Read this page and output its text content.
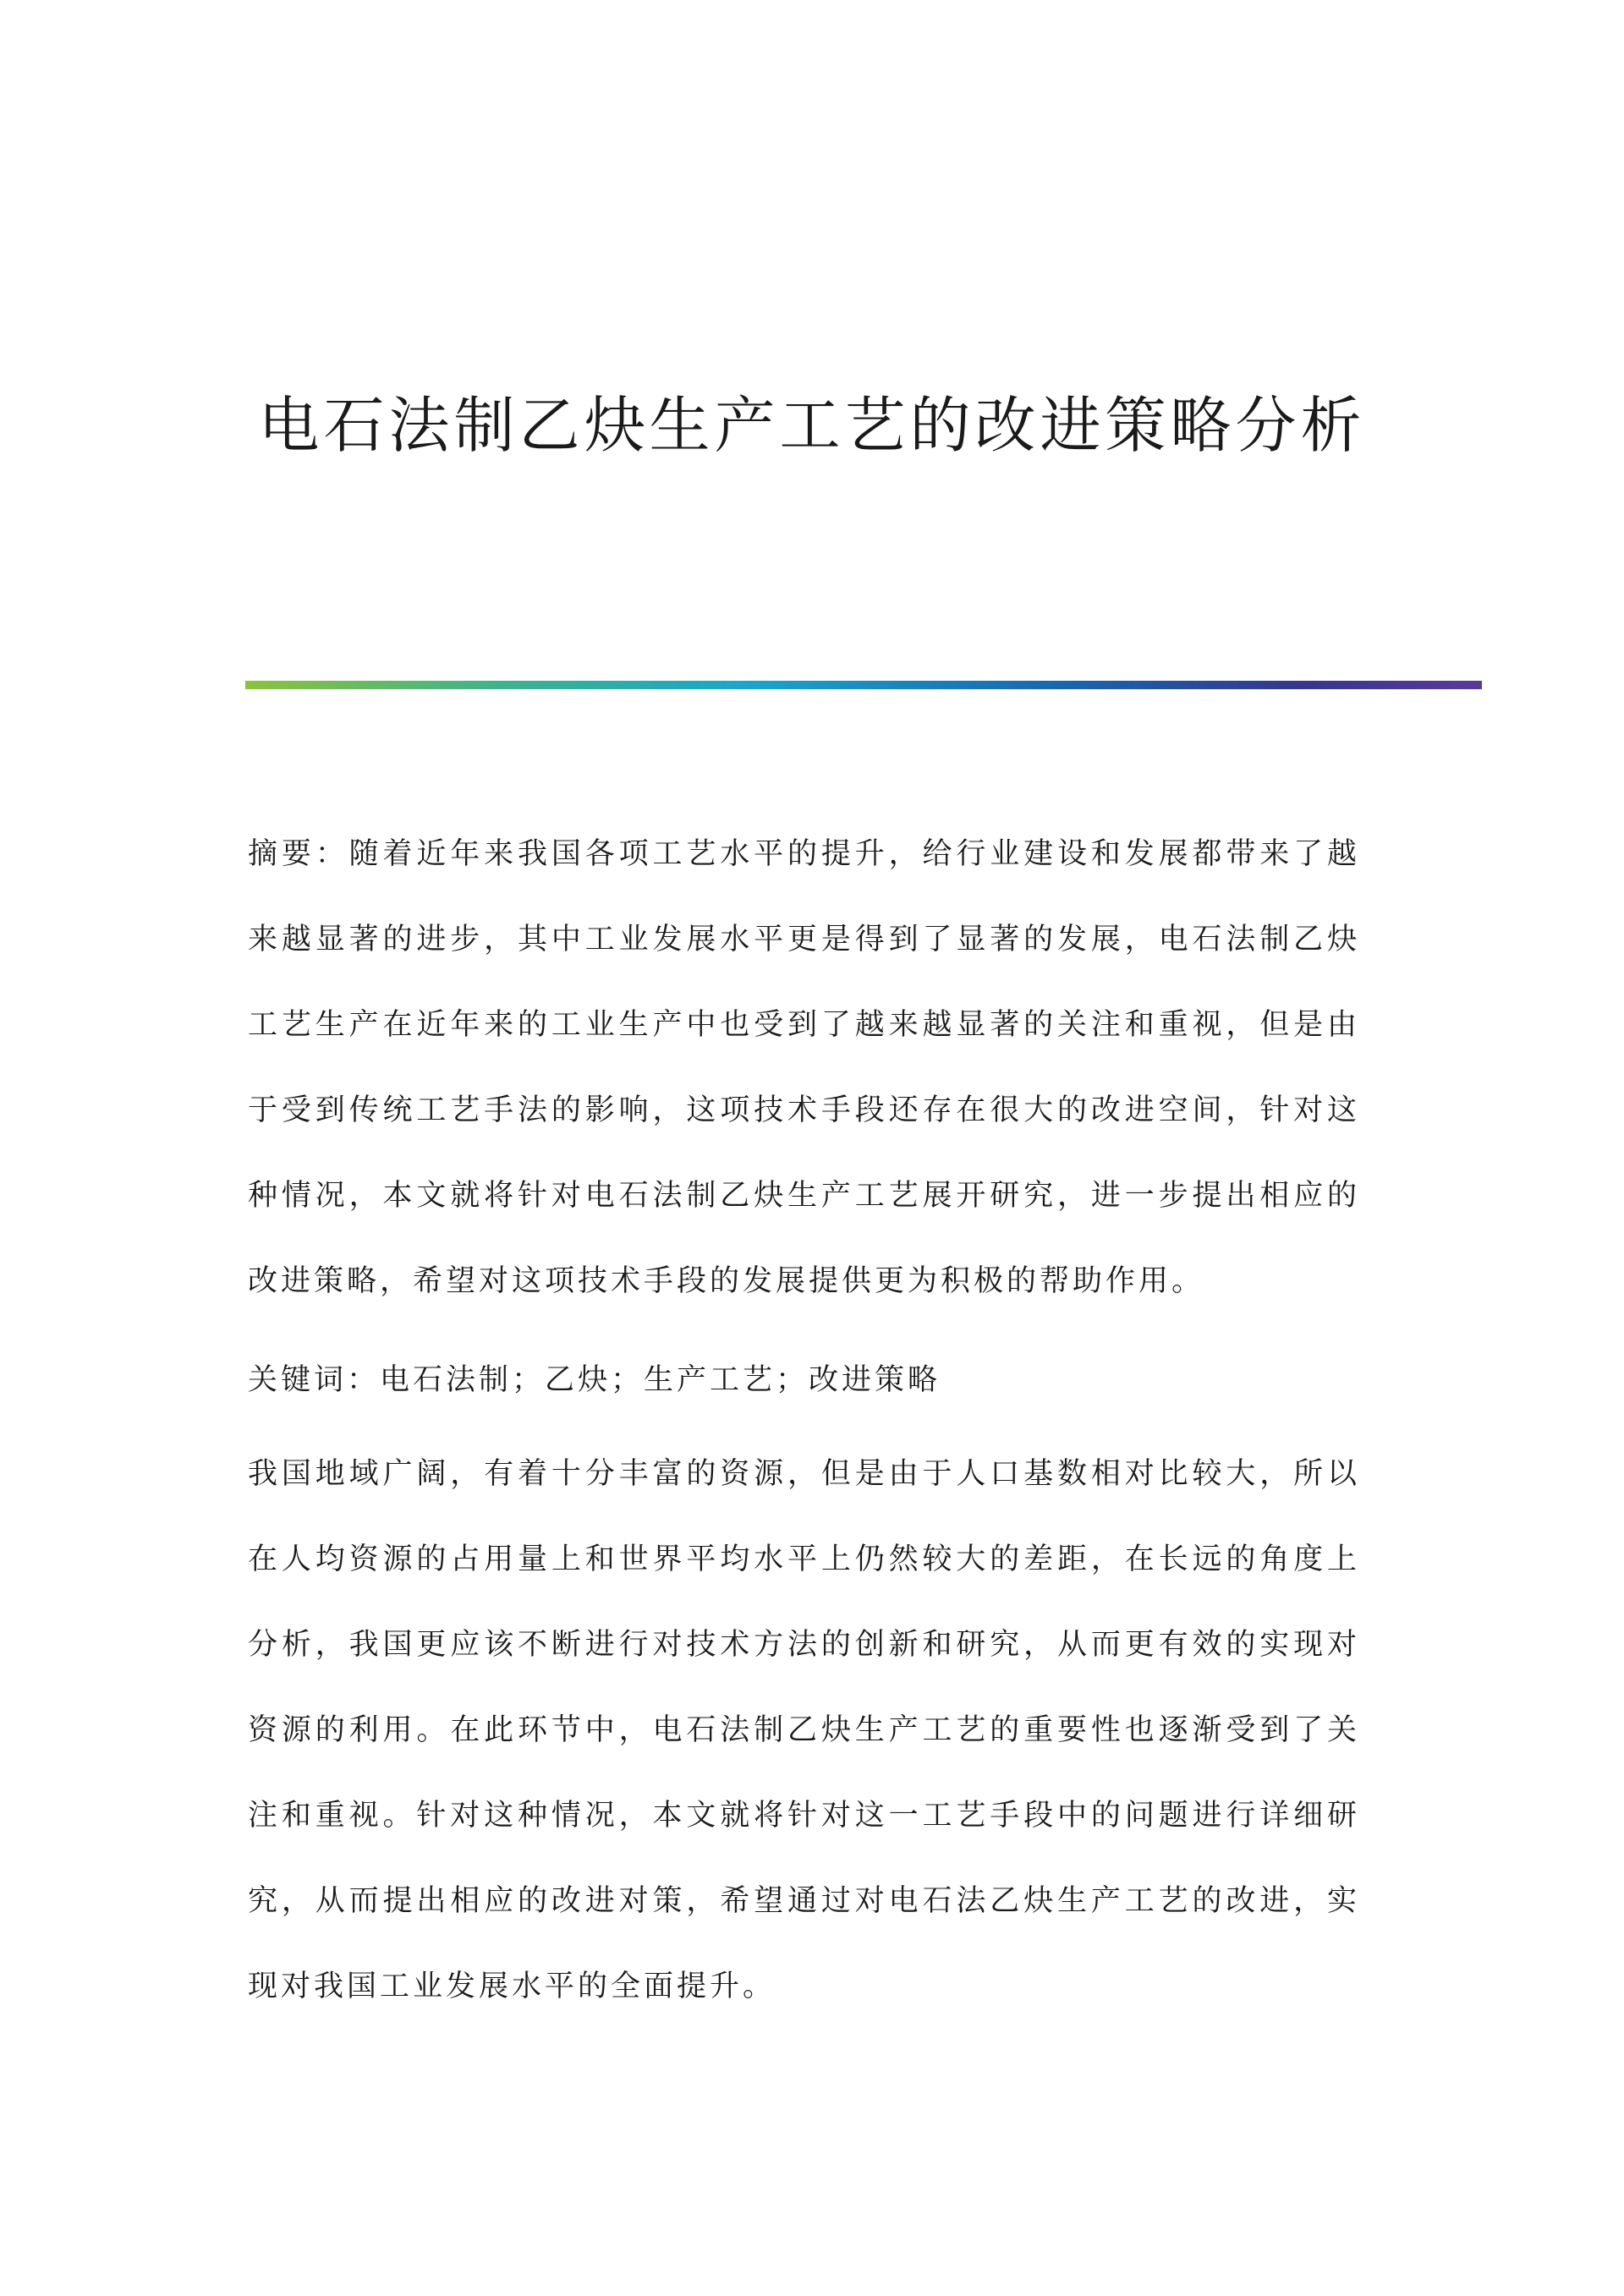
电石法制乙炔生产工艺的改进策略分析

摘要：随着近年来我国各项工艺水平的提升，给行业建设和发展都带来了越来越显著的进步，其中工业发展水平更是得到了显著的发展，电石法制乙炔工艺生产在近年来的工业生产中也受到了越来越显著的关注和重视，但是由于受到传统工艺手法的影响，这项技术手段还存在很大的改进空间，针对这种情况，本文就将针对电石法制乙炔生产工艺展开研究，进一步提出相应的改进策略，希望对这项技术手段的发展提供更为积极的帮助作用。

关键词：电石法制；乙炔；生产工艺；改进策略

我国地域广阔，有着十分丰富的资源，但是由于人口基数相对比较大，所以在人均资源的占用量上和世界平均水平上仍然较大的差距，在长远的角度上分析，我国更应该不断进行对技术方法的创新和研究，从而更有效的实现对资源的利用。在此环节中，电石法制乙炔生产工艺的重要性也逐渐受到了关注和重视。针对这种情况，本文就将针对这一工艺手段中的问题进行详细研究，从而提出相应的改进对策，希望通过对电石法乙炔生产工艺的改进，实现对我国工业发展水平的全面提升。
